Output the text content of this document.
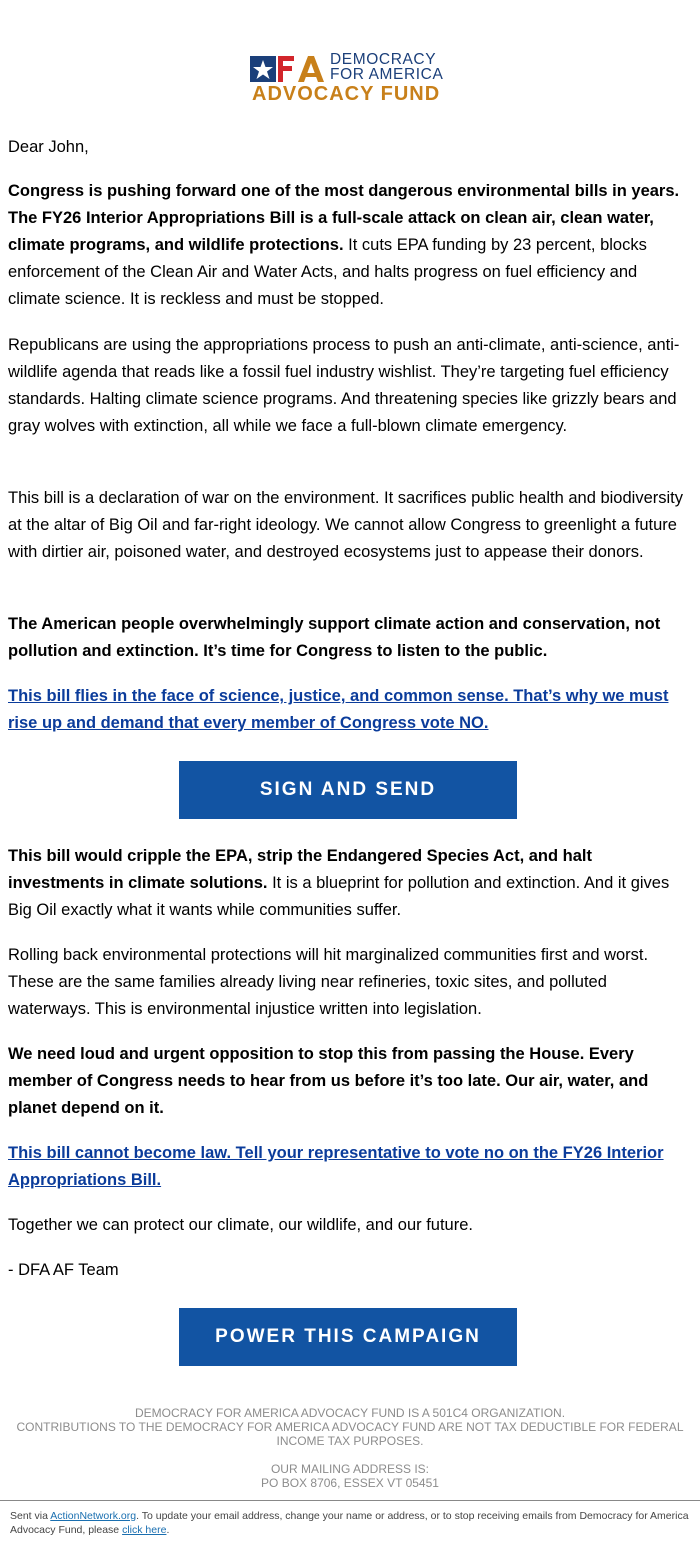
DEMOCRACY
FOR AMERICA
ADVOCACY FUND

Dear John,

Congress is pushing forward one of the most dangerous environmental bills in years. The FY26 Interior Appropriations Bill is a full-scale attack on clean air, clean water, climate programs, and wildlife protections. It cuts EPA funding by 23 percent, blocks enforcement of the Clean Air and Water Acts, and halts progress on fuel efficiency and climate science. It is reckless and must be stopped.

Republicans are using the appropriations process to push an anti-climate, anti-science, anti-wildlife agenda that reads like a fossil fuel industry wishlist. They’re targeting fuel efficiency standards. Halting climate science programs. And threatening species like grizzly bears and gray wolves with extinction, all while we face a full-blown climate emergency.

This bill is a declaration of war on the environment. It sacrifices public health and biodiversity at the altar of Big Oil and far-right ideology. We cannot allow Congress to greenlight a future with dirtier air, poisoned water, and destroyed ecosystems just to appease their donors.

The American people overwhelmingly support climate action and conservation, not pollution and extinction. It’s time for Congress to listen to the public.

This bill flies in the face of science, justice, and common sense. That’s why we must rise up and demand that every member of Congress vote NO.

This bill would cripple the EPA, strip the Endangered Species Act, and halt investments in climate solutions. It is a blueprint for pollution and extinction. And it gives Big Oil exactly what it wants while communities suffer.

Rolling back environmental protections will hit marginalized communities first and worst. These are the same families already living near refineries, toxic sites, and polluted waterways. This is environmental injustice written into legislation.

We need loud and urgent opposition to stop this from passing the House. Every member of Congress needs to hear from us before it’s too late. Our air, water, and planet depend on it.

This bill cannot become law. Tell your representative to vote no on the FY26 Interior Appropriations Bill.

Together we can protect our climate, our wildlife, and our future.

- DFA AF Team

SIGN AND SEND
POWER THIS CAMPAIGN
DEMOCRACY FOR AMERICA ADVOCACY FUND IS A 501C4 ORGANIZATION.
CONTRIBUTIONS TO THE DEMOCRACY FOR AMERICA ADVOCACY FUND ARE NOT TAX DEDUCTIBLE FOR FEDERAL INCOME TAX PURPOSES.
OUR MAILING ADDRESS IS:
PO BOX 8706, ESSEX VT 05451
Sent via ActionNetwork.org. To update your email address, change your name or address, or to stop receiving emails from Democracy for America Advocacy Fund, please click here.
